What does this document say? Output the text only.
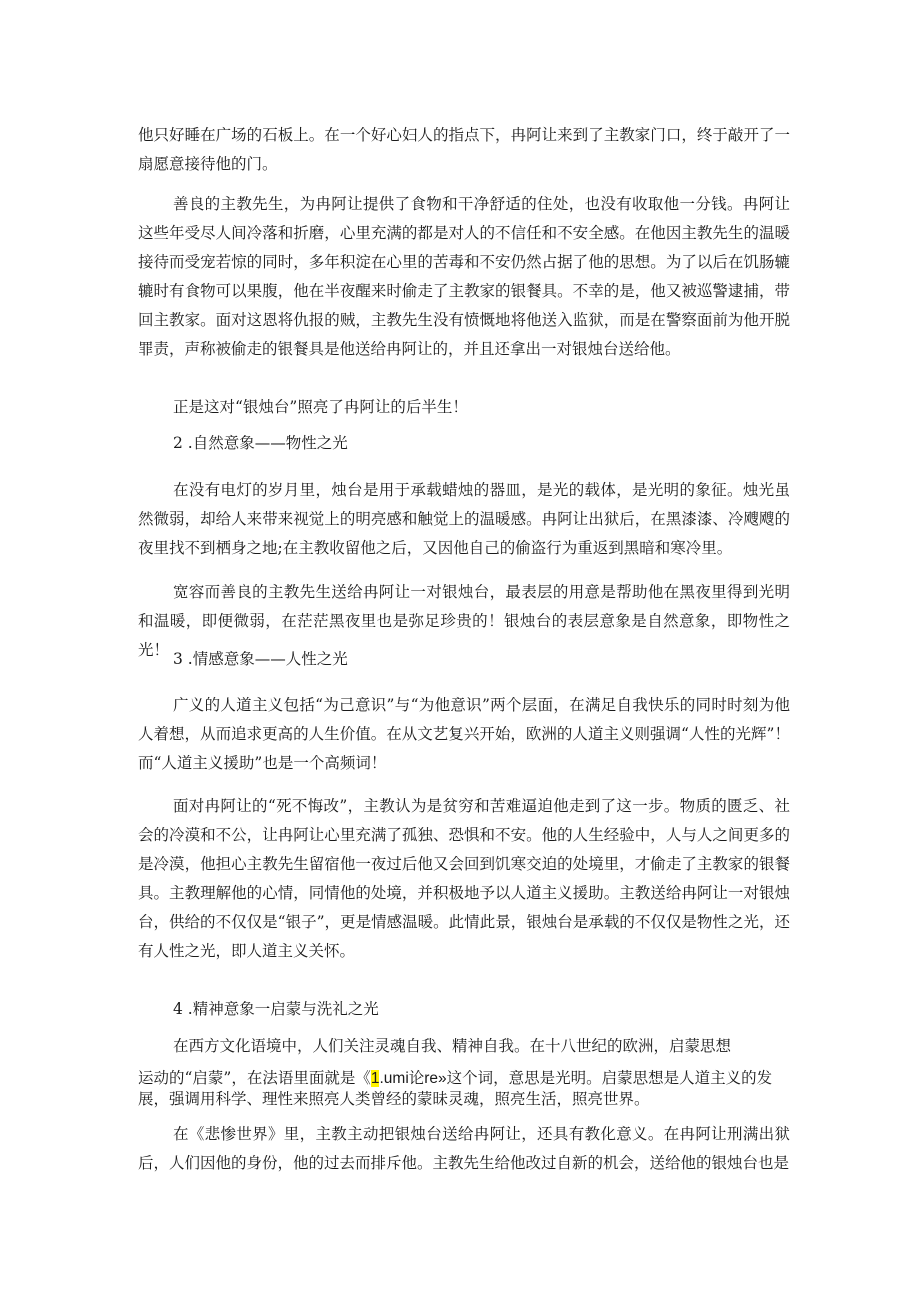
他只好睡在广场的石板上。在一个好心妇人的指点下，冉阿让来到了主教家门口，终于敲开了一扇愿意接待他的门。
善良的主教先生，为冉阿让提供了食物和干净舒适的住处，也没有收取他一分钱。冉阿让这些年受尽人间冷落和折磨，心里充满的都是对人的不信任和不安全感。在他因主教先生的温暖接待而受宠若惊的同时，多年积淀在心里的苦毒和不安仍然占据了他的思想。为了以后在饥肠辘辘时有食物可以果腹，他在半夜醒来时偷走了主教家的银餐具。不幸的是，他又被巡警逮捕，带回主教家。面对这恩将仇报的贼，主教先生没有愤慨地将他送入监狱，而是在警察面前为他开脱罪责，声称被偷走的银餐具是他送给冉阿让的，并且还拿出一对银烛台送给他。
正是这对“银烛台”照亮了冉阿让的后半生！
2 .自然意象——物性之光
在没有电灯的岁月里，烛台是用于承载蜡烛的器皿，是光的载体，是光明的象征。烛光虽然微弱，却给人来带来视觉上的明亮感和触觉上的温暖感。冉阿让出狱后，在黑漆漆、冷飕飕的夜里找不到栖身之地;在主教收留他之后，又因他自己的偷盗行为重返到黑暗和寒冷里。
宽容而善良的主教先生送给冉阿让一对银烛台，最表层的用意是帮助他在黑夜里得到光明和温暖，即便微弱，在茫茫黑夜里也是弥足珍贵的！银烛台的表层意象是自然意象，即物性之光！ 3 .情感意象——人性之光
广义的人道主义包括“为己意识”与“为他意识”两个层面，在满足自我快乐的同时时刻为他人着想，从而追求更高的人生价值。在从文艺复兴开始，欧洲的人道主义则强调“人性的光辉”！而“人道主义援助”也是一个高频词！
面对冉阿让的“死不悔改”，主教认为是贫穷和苦难逼迫他走到了这一步。物质的匮乏、社会的冷漠和不公，让冉阿让心里充满了孤独、恐惧和不安。他的人生经验中，人与人之间更多的是冷漠，他担心主教先生留宿他一夜过后他又会回到饥寒交迫的处境里，才偷走了主教家的银餐具。主教理解他的心情，同情他的处境，并积极地予以人道主义援助。主教送给冉阿让一对银烛台，供给的不仅仅是“银子”，更是情感温暖。此情此景，银烛台是承载的不仅仅是物性之光，还有人性之光，即人道主义关怀。
4 .精神意象一启蒙与洗礼之光
在西方文化语境中，人们关注灵魂自我、精神自我。在十八世纪的欧洲，启蒙思想
运动的“启蒙”，在法语里面就是《1.umi论re»这个词，意思是光明。启蒙思想是人道主义的发
展，强调用科学、理性来照亮人类曾经的蒙昧灵魂，照亮生活，照亮世界。
在《悲惨世界》里，主教主动把银烛台送给冉阿让，还具有教化意义。在冉阿让刑满出狱后，人们因他的身份，他的过去而排斥他。主教先生给他改过自新的机会，送给他的银烛台也是
